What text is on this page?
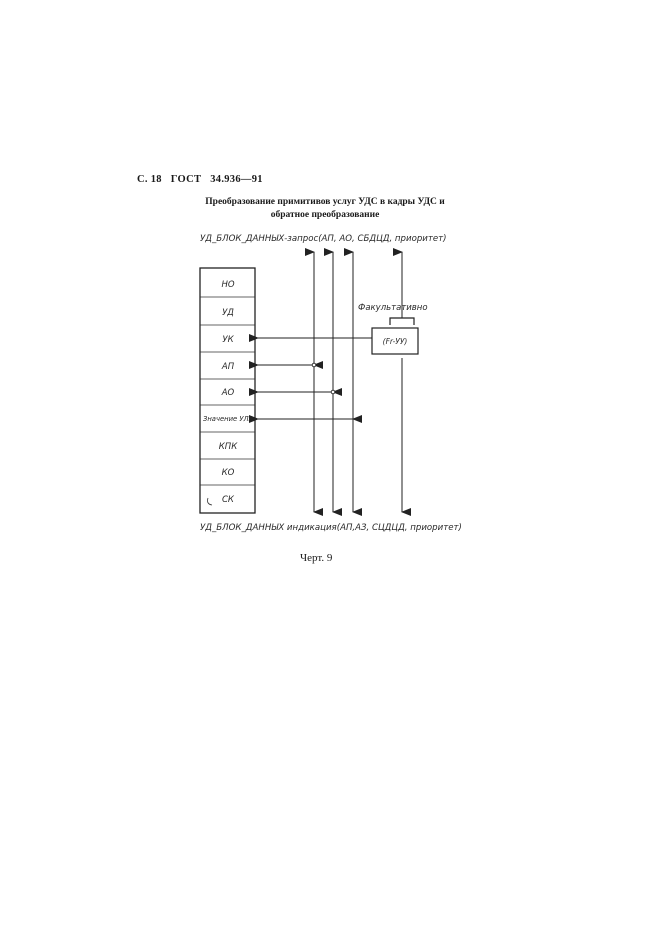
С. 18 ГОСТ 34.936—91
Преобразование примитивов услуг УДС в кадры УДС и
обратное преобразование
УД_БЛОК_ДАННЫХ-запрос(АП, АО, СБДЦД, приоритет)
НО
УД
УК
АП
АО
Значение УЛЗ
КПК
КО
СК
Факультативно
(Fr-УУ)
УД_БЛОК_ДАННЫХ индикация(АП,АЗ, СЦДЦД, приоритет)
Черт. 9
